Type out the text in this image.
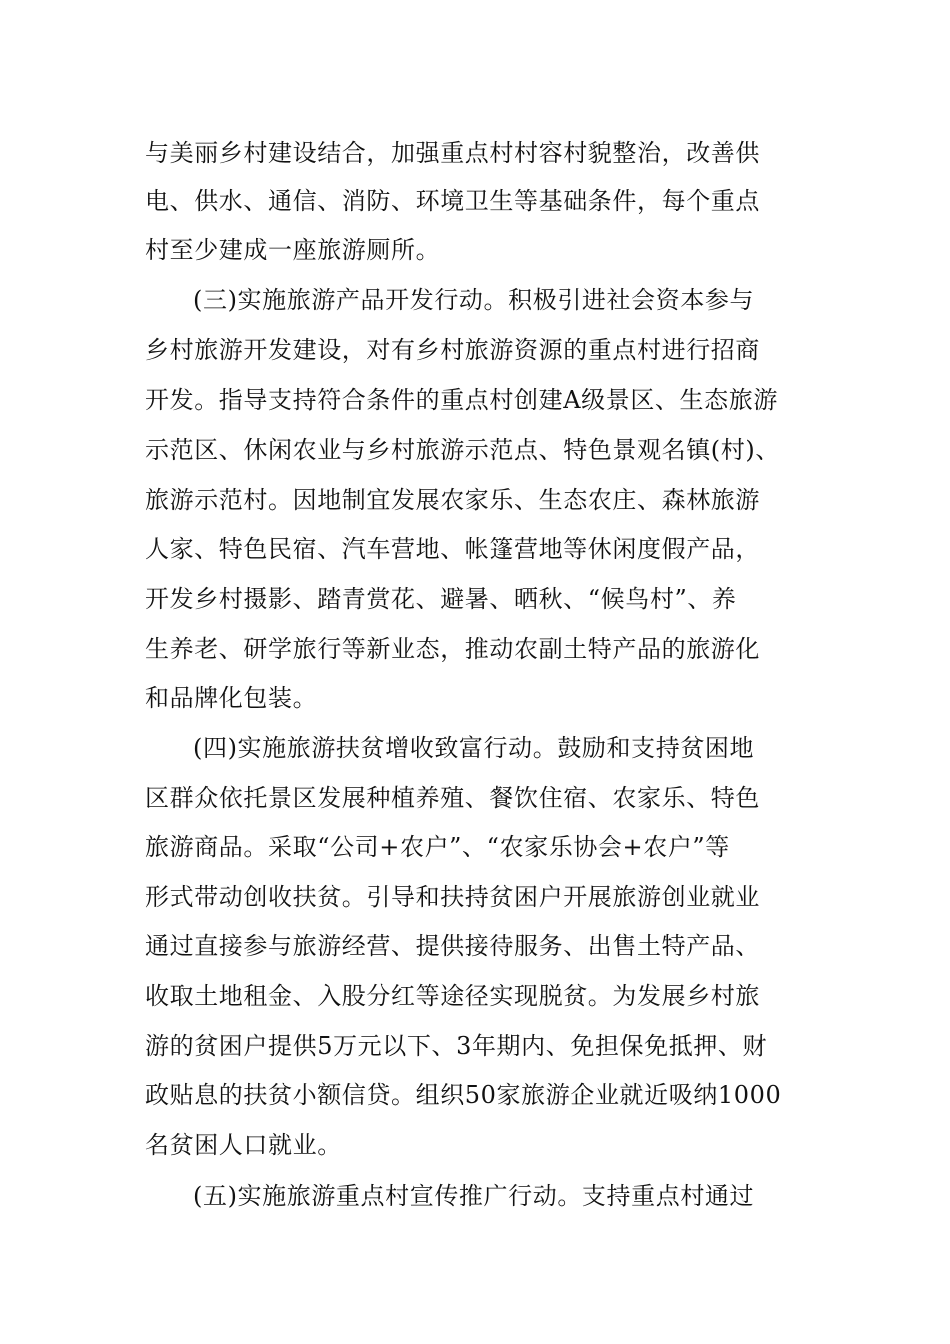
与美丽乡村建设结合，加强重点村村容村貌整治，改善供
电、供水、通信、消防、环境卫生等基础条件，每个重点
村至少建成一座旅游厕所。
(三)实施旅游产品开发行动。积极引进社会资本参与
乡村旅游开发建设，对有乡村旅游资源的重点村进行招商
开发。指导支持符合条件的重点村创建A级景区、生态旅游
示范区、休闲农业与乡村旅游示范点、特色景观名镇(村)、
旅游示范村。因地制宜发展农家乐、生态农庄、森林旅游
人家、特色民宿、汽车营地、帐篷营地等休闲度假产品，
开发乡村摄影、踏青赏花、避暑、晒秋、“候鸟村”、养
生养老、研学旅行等新业态，推动农副土特产品的旅游化
和品牌化包装。
(四)实施旅游扶贫增收致富行动。鼓励和支持贫困地
区群众依托景区发展种植养殖、餐饮住宿、农家乐、特色
旅游商品。采取“公司+农户”、“农家乐协会+农户”等
形式带动创收扶贫。引导和扶持贫困户开展旅游创业就业
通过直接参与旅游经营、提供接待服务、出售土特产品、
收取土地租金、入股分红等途径实现脱贫。为发展乡村旅
游的贫困户提供5万元以下、3年期内、免担保免抵押、财
政贴息的扶贫小额信贷。组织50家旅游企业就近吸纳1000
名贫困人口就业。
(五)实施旅游重点村宣传推广行动。支持重点村通过
